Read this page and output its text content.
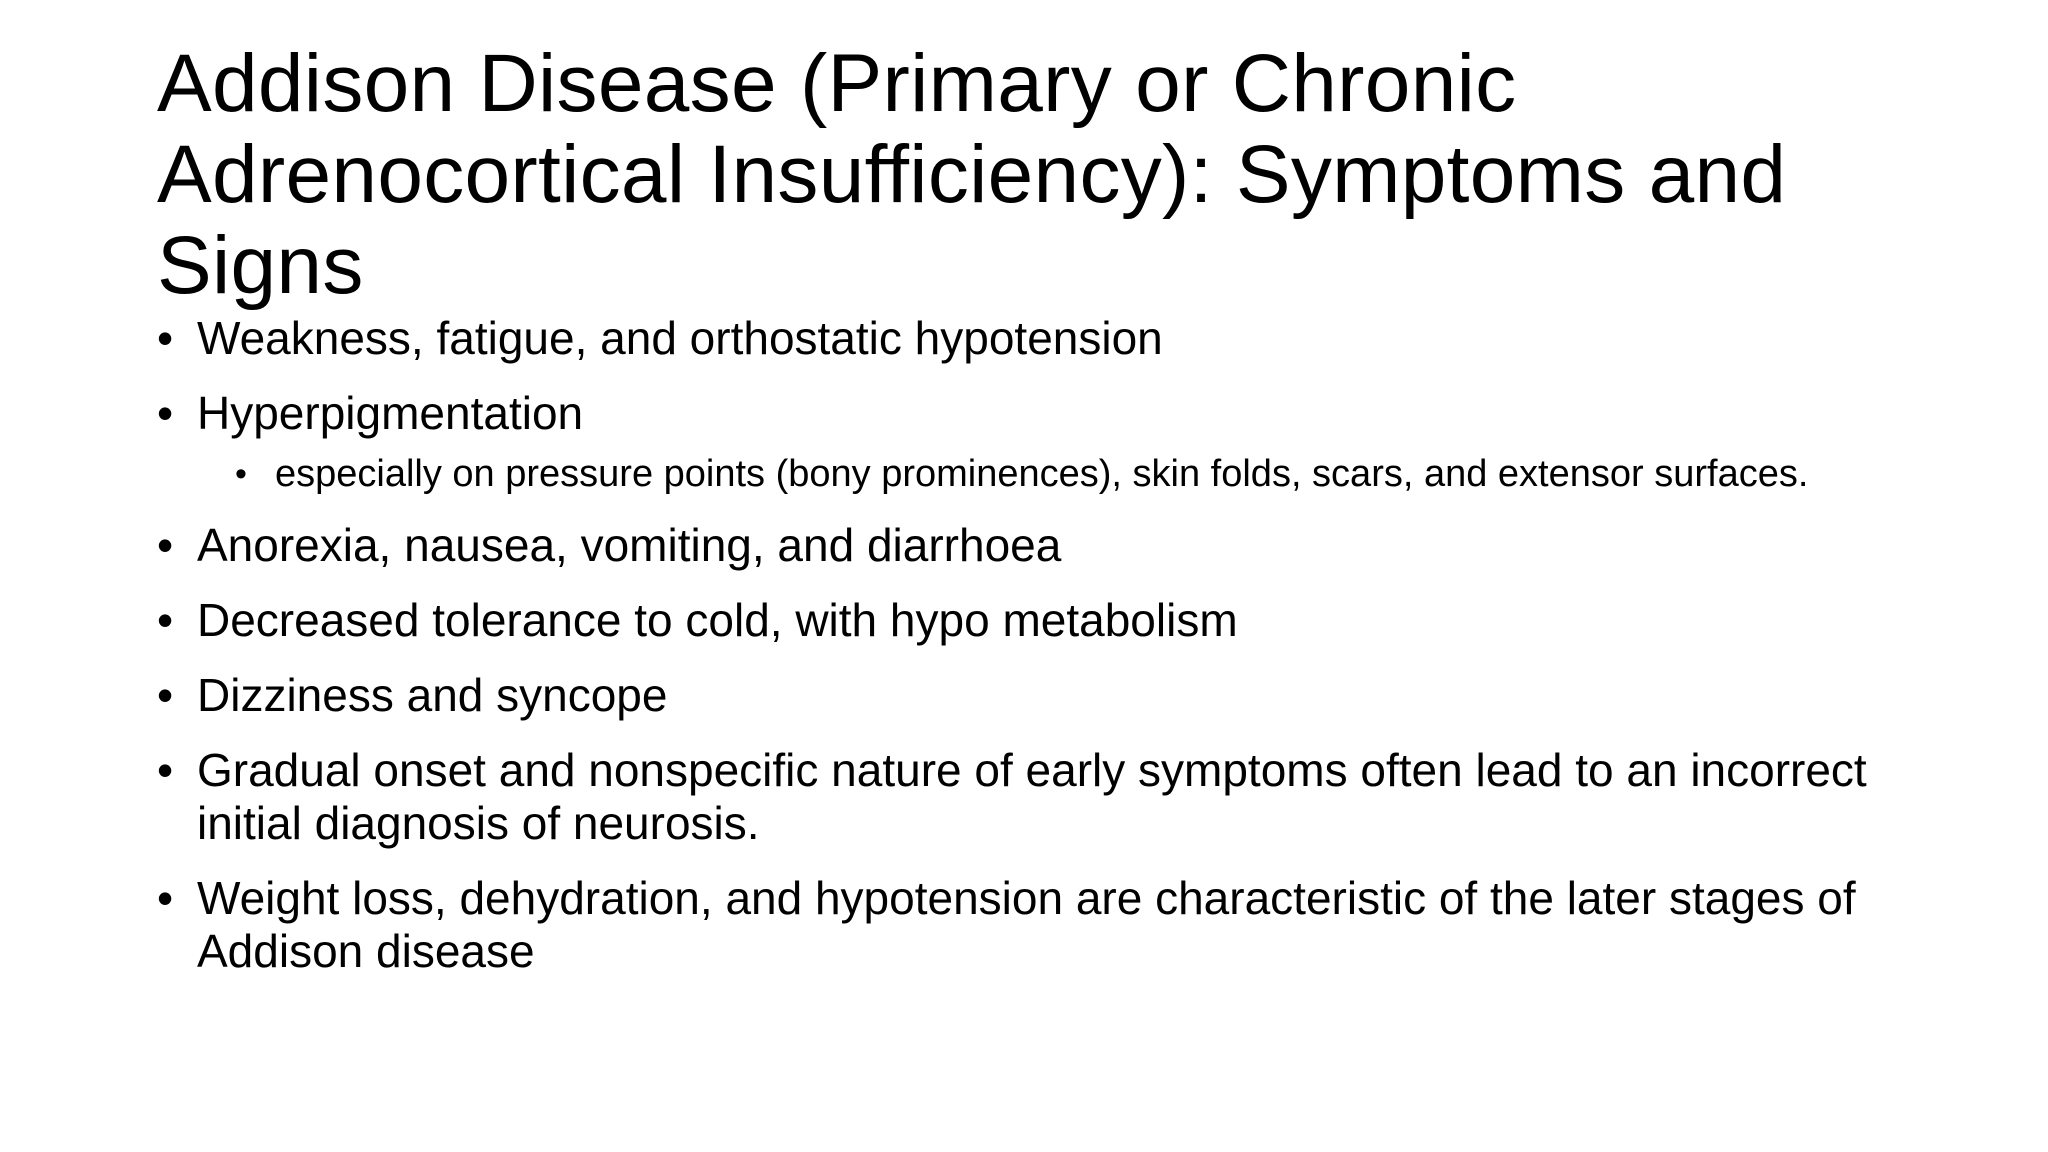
Addison Disease (Primary or Chronic Adrenocortical Insufficiency): Symptoms and Signs
• Weakness, fatigue, and orthostatic hypotension
• Hyperpigmentation
• especially on pressure points (bony prominences), skin folds, scars, and extensor surfaces.
• Anorexia, nausea, vomiting, and diarrhoea
• Decreased tolerance to cold, with hypo metabolism
• Dizziness and syncope
• Gradual onset and nonspecific nature of early symptoms often lead to an incorrect initial diagnosis of neurosis.
• Weight loss, dehydration, and hypotension are characteristic of the later stages of Addison disease
